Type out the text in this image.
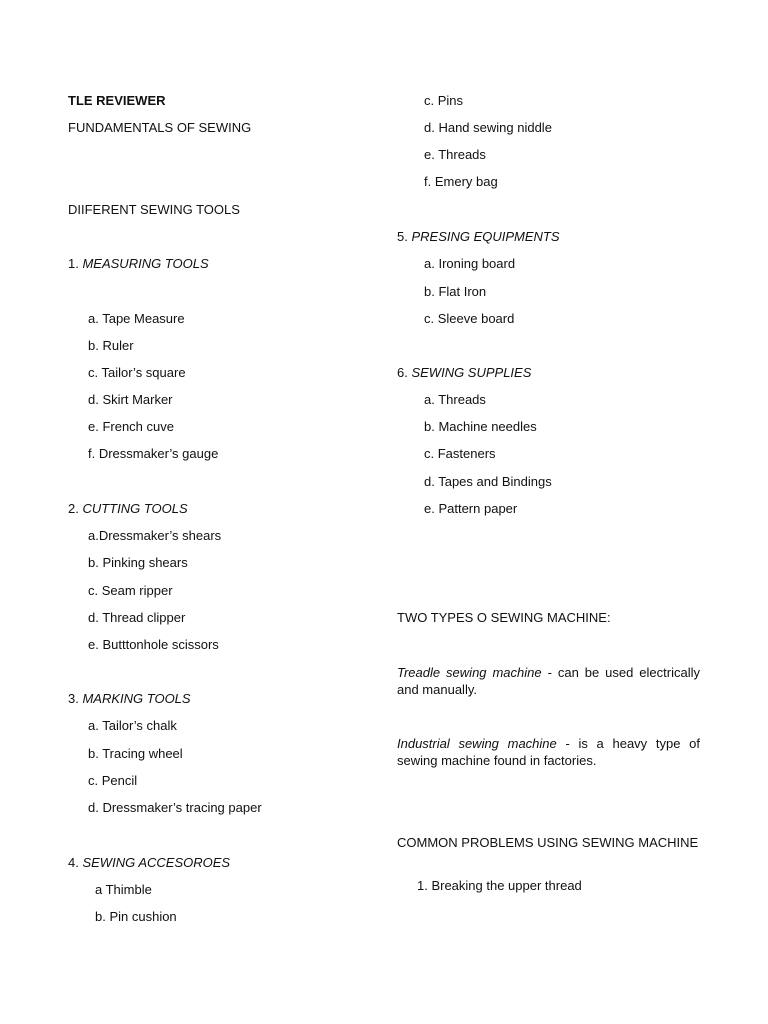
TLE REVIEWER
FUNDAMENTALS OF SEWING
DIIFERENT SEWING TOOLS
1. MEASURING TOOLS
a. Tape Measure
b. Ruler
c. Tailor’s square
d. Skirt Marker
e. French cuve
f. Dressmaker’s gauge
2. CUTTING TOOLS
a.Dressmaker’s shears
b. Pinking shears
c. Seam ripper
d. Thread clipper
e. Butttonhole scissors
3. MARKING TOOLS
a. Tailor’s chalk
b. Tracing wheel
c. Pencil
d. Dressmaker’s tracing paper
4. SEWING ACCESOROES
a Thimble
b. Pin cushion
c. Pins
d. Hand sewing niddle
e. Threads
f. Emery bag
5. PRESING EQUIPMENTS
a. Ironing board
b. Flat Iron
c. Sleeve board
6. SEWING SUPPLIES
a. Threads
b. Machine needles
c. Fasteners
d. Tapes and Bindings
e. Pattern paper
TWO TYPES O SEWING MACHINE:
Treadle sewing machine - can be used electrically and manually.
Industrial sewing machine - is a heavy type of sewing machine found in factories.
COMMON PROBLEMS USING SEWING MACHINE
1. Breaking the upper thread
